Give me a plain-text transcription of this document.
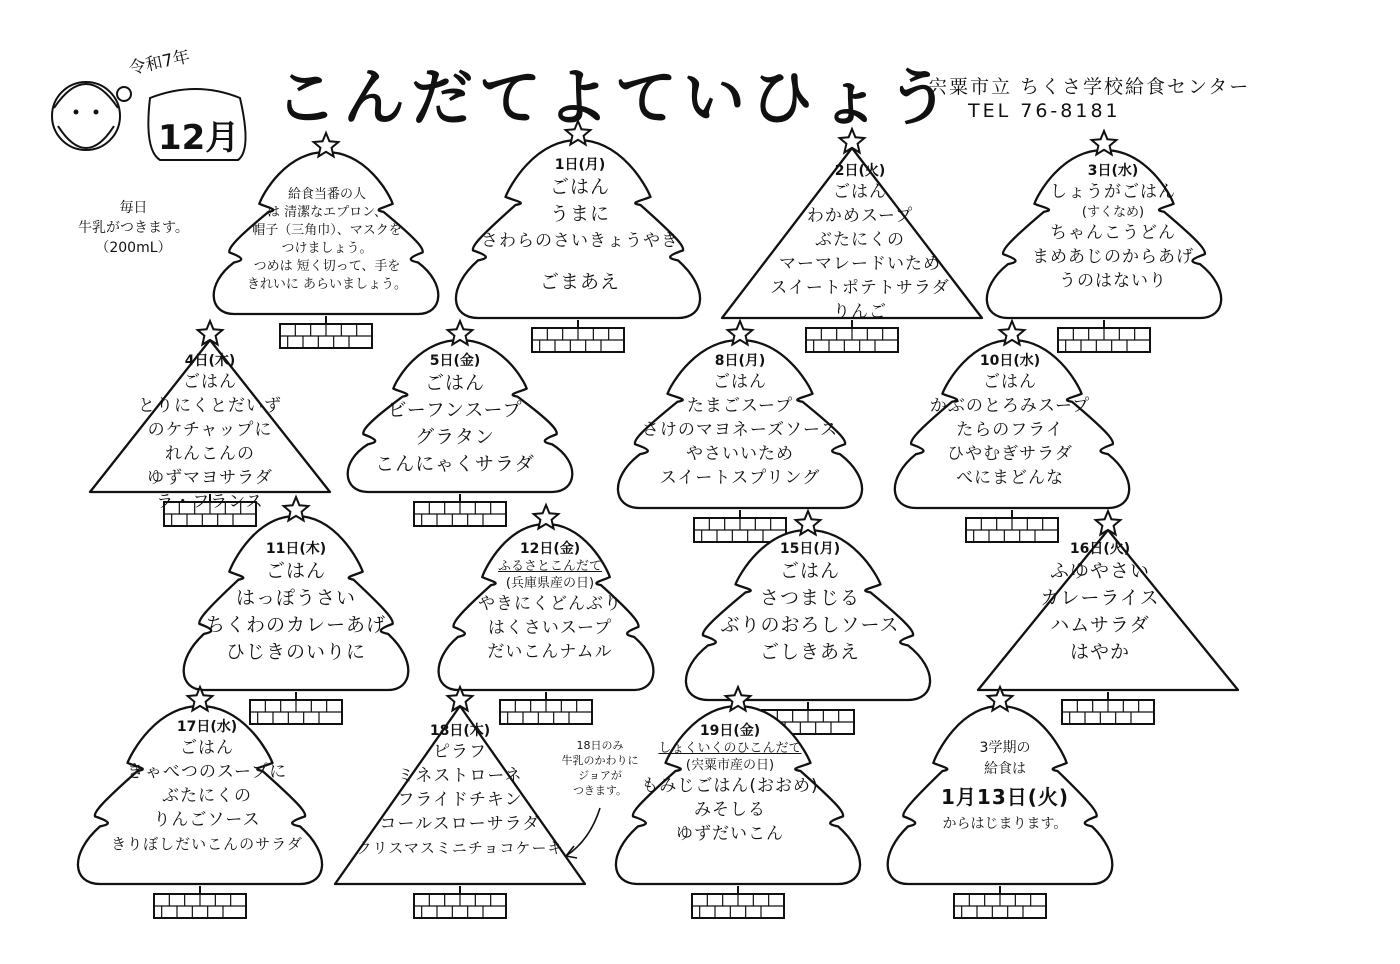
令和7年
12月
こんだてよていひょう
宍粟市立 ちくさ学校給食センター
TEL 76-8181
毎日
牛乳がつきます。
（200mL）
給食当番の人
は 清潔なエプロン、
帽子（三角巾）、マスクを
つけましょう。
つめは 短く切って、手を
きれいに あらいましょう。
1日(月)
ごはん
うまに
さわらのさいきょうやき
ごまあえ
2日(火)
ごはん
わかめスープ
ぶたにくの
マーマレードいため
スイートポテトサラダ
りんご
3日(水)
しょうがごはん
(すくなめ)
ちゃんこうどん
まめあじのからあげ
うのはないり
4日(木)
ごはん
とりにくとだいず
のケチャップに
れんこんの
ゆずマヨサラダ
ラ・フランス
5日(金)
ごはん
ビーフンスープ
グラタン
こんにゃくサラダ
8日(月)
ごはん
たまごスープ
さけのマヨネーズソース
やさいいため
スイートスプリング
10日(水)
ごはん
かぶのとろみスープ
たらのフライ
ひやむぎサラダ
べにまどんな
11日(木)
ごはん
はっぽうさい
ちくわのカレーあげ
ひじきのいりに
12日(金)
ふるさとこんだて
(兵庫県産の日)
やきにくどんぶり
はくさいスープ
だいこんナムル
15日(月)
ごはん
さつまじる
ぶりのおろしソース
ごしきあえ
16日(火)
ふゆやさい
カレーライス
ハムサラダ
はやか
17日(水)
ごはん
きゃべつのスープに
ぶたにくの
りんごソース
きりぼしだいこんのサラダ
18日(木)
ピラフ
ミネストローネ
フライドチキン
コールスローサラダ
クリスマスミニチョコケーキ
18日のみ
牛乳のかわりに
ジョアが
つきます。
19日(金)
しょくいくのひこんだて
(宍粟市産の日)
もみじごはん(おおめ)
みそしる
ゆずだいこん
3学期の
給食は
1月13日(火)
からはじまります。
